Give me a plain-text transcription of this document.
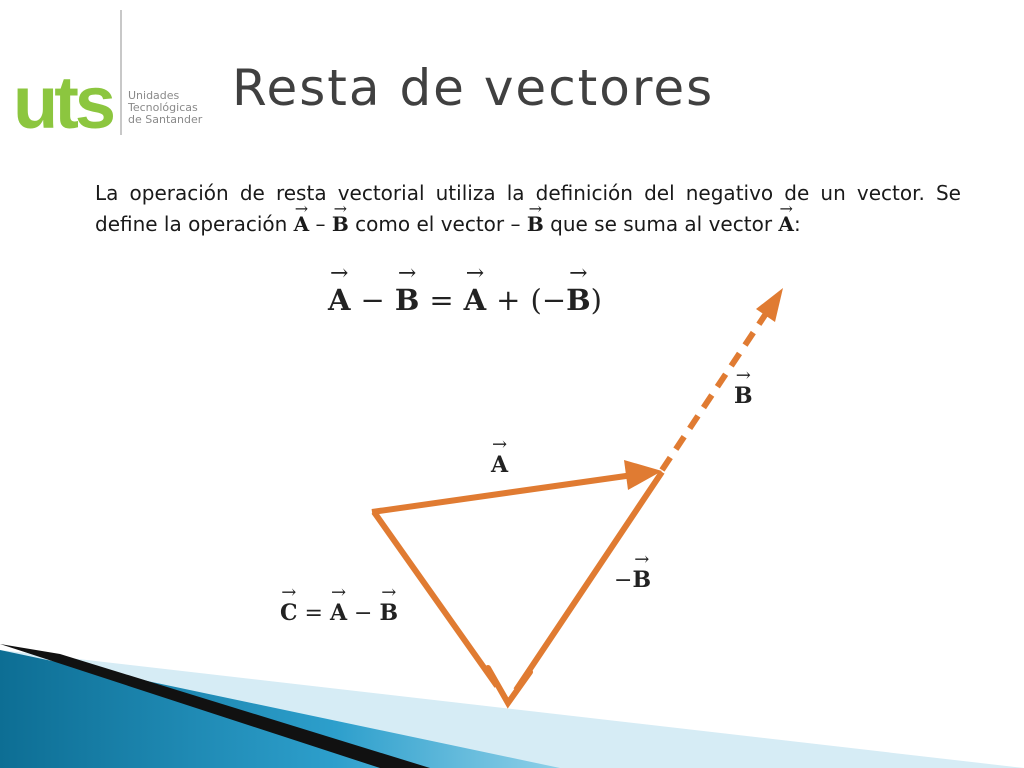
uts Unidades
Tecnológicas
de Santander
Resta de vectores

La operación de resta vectorial utiliza la definición del negativo de un vector. Se define la operación → A – → B como el vector – → B que se suma al vector → A:

→ A − → B = → A + (−→ B)
→ B
→ A
−→ B
→ C = → A − → B
